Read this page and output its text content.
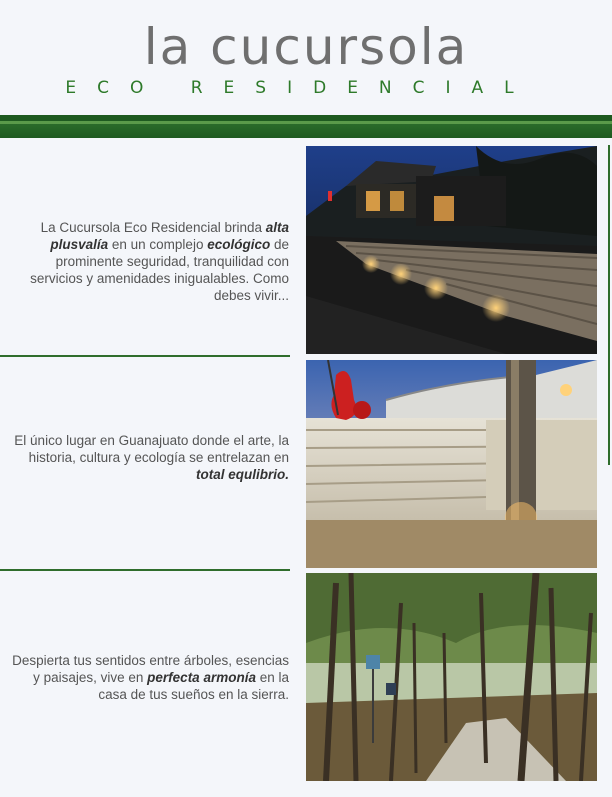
la cucursola
ECO RESIDENCIAL
La Cucursola Eco Residencial brinda alta plusvalía en un complejo ecológico de prominente seguridad, tranquilidad con servicios y amenidades inigualables. Como debes vivir...
El único lugar en Guanajuato donde el arte, la historia, cultura y ecología se entrelazan en total equlibrio.
Despierta tus sentidos entre árboles, esencias y paisajes, vive en perfecta armonía en la casa de tus sueños en la sierra.
